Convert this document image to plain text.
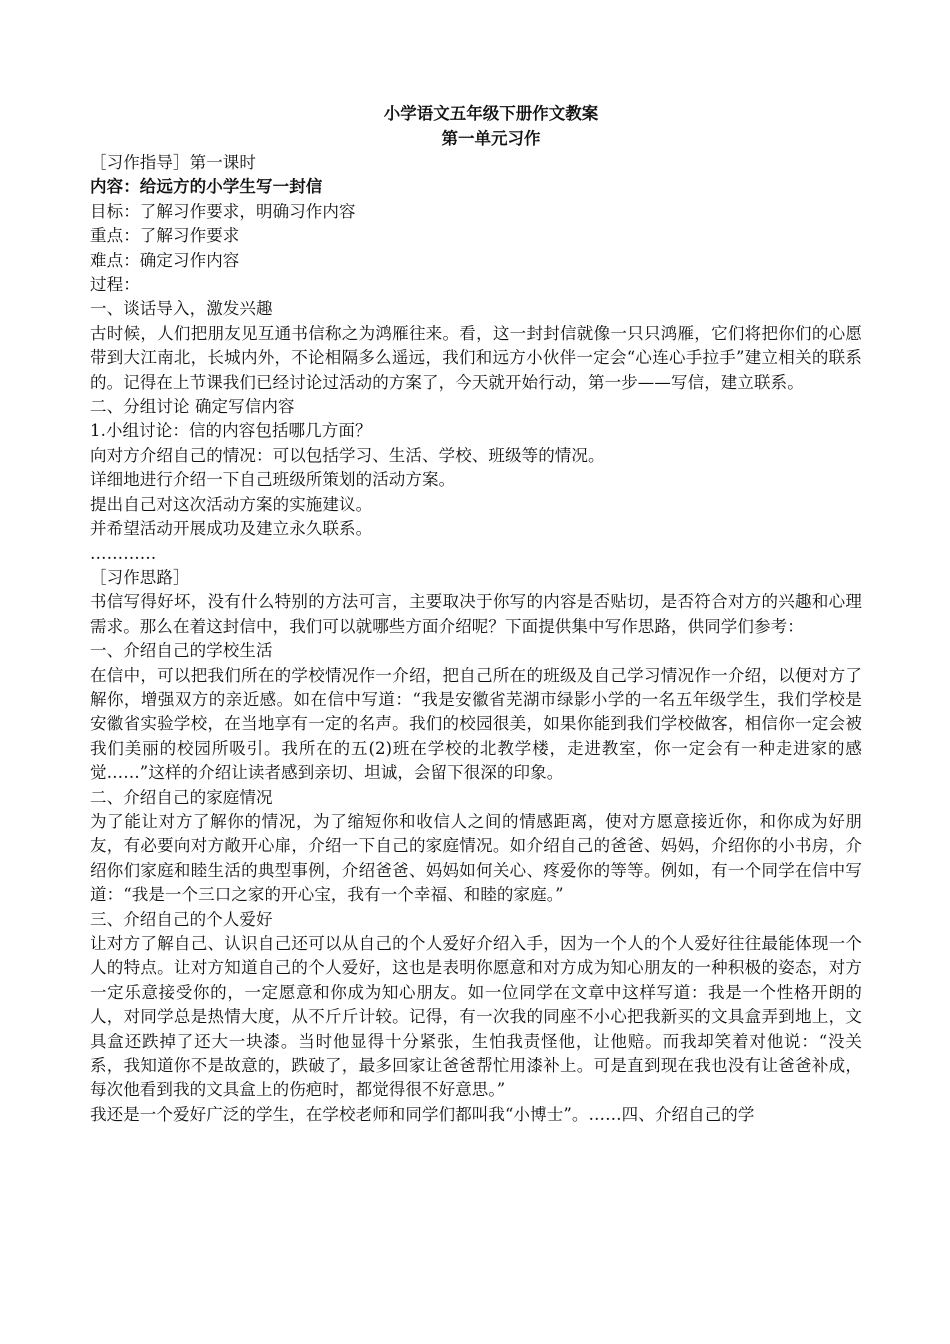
小学语文五年级下册作文教案
第一单元习作

［习作指导］第一课时

内容：给远方的小学生写一封信

目标：了解习作要求，明确习作内容

重点：了解习作要求

难点：确定习作内容

过程：

一、谈话导入，激发兴趣

古时候，人们把朋友见互通书信称之为鸿雁往来。看，这一封封信就像一只只鸿雁，它们将把你们的心愿带到大江南北，长城内外，不论相隔多么遥远，我们和远方小伙伴一定会“心连心手拉手”建立相关的联系的。记得在上节课我们已经讨论过活动的方案了，今天就开始行动，第一步——写信，建立联系。

二、分组讨论 确定写信内容

1.小组讨论：信的内容包括哪几方面？

向对方介绍自己的情况：可以包括学习、生活、学校、班级等的情况。

详细地进行介绍一下自己班级所策划的活动方案。

提出自己对这次活动方案的实施建议。

并希望活动开展成功及建立永久联系。

…………

［习作思路］

书信写得好坏，没有什么特别的方法可言，主要取决于你写的内容是否贴切，是否符合对方的兴趣和心理需求。那么在着这封信中，我们可以就哪些方面介绍呢？下面提供集中写作思路，供同学们参考：

一、介绍自己的学校生活

在信中，可以把我们所在的学校情况作一介绍，把自己所在的班级及自己学习情况作一介绍，以便对方了解你，增强双方的亲近感。如在信中写道：“我是安徽省芜湖市绿影小学的一名五年级学生，我们学校是安徽省实验学校，在当地享有一定的名声。我们的校园很美，如果你能到我们学校做客，相信你一定会被我们美丽的校园所吸引。我所在的五(2)班在学校的北教学楼，走进教室，你一定会有一种走进家的感觉……”这样的介绍让读者感到亲切、坦诚，会留下很深的印象。

二、介绍自己的家庭情况

为了能让对方了解你的情况，为了缩短你和收信人之间的情感距离，使对方愿意接近你，和你成为好朋友，有必要向对方敞开心扉，介绍一下自己的家庭情况。如介绍自己的爸爸、妈妈，介绍你的小书房，介绍你们家庭和睦生活的典型事例，介绍爸爸、妈妈如何关心、疼爱你的等等。例如，有一个同学在信中写道：“我是一个三口之家的开心宝，我有一个幸福、和睦的家庭。”

三、介绍自己的个人爱好

让对方了解自己、认识自己还可以从自己的个人爱好介绍入手，因为一个人的个人爱好往往最能体现一个人的特点。让对方知道自己的个人爱好，这也是表明你愿意和对方成为知心朋友的一种积极的姿态，对方一定乐意接受你的，一定愿意和你成为知心朋友。如一位同学在文章中这样写道：我是一个性格开朗的人，对同学总是热情大度，从不斤斤计较。记得，有一次我的同座不小心把我新买的文具盒弄到地上，文具盒还跌掉了还大一块漆。当时他显得十分紧张，生怕我责怪他，让他赔。而我却笑着对他说：“没关系，我知道你不是故意的，跌破了，最多回家让爸爸帮忙用漆补上。可是直到现在我也没有让爸爸补成，每次他看到我的文具盒上的伤疤时，都觉得很不好意思。”

我还是一个爱好广泛的学生，在学校老师和同学们都叫我“小博士”。……四、介绍自己的学
